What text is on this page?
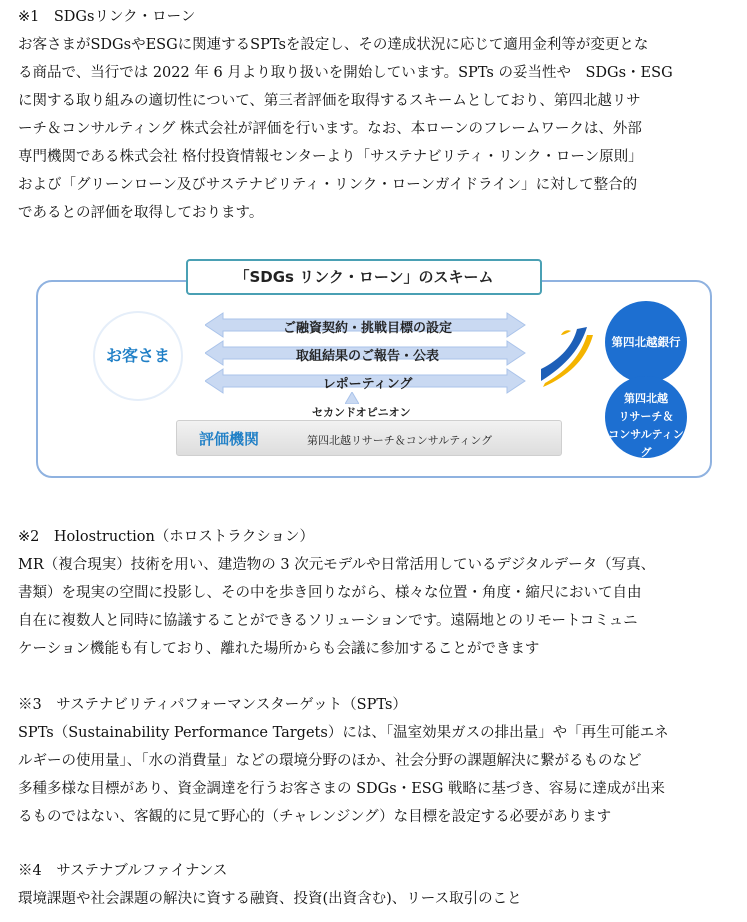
※1　SDGsリンク・ローン
お客さまがSDGsやESGに関連するSPTsを設定し、その達成状況に応じて適用金利等が変更とな
る商品で、当行では 2022 年 6 月より取り扱いを開始しています。SPTs の妥当性や　SDGs・ESG
に関する取り組みの適切性について、第三者評価を取得するスキームとしており、第四北越リサ
ーチ＆コンサルティング 株式会社が評価を行います。なお、本ローンのフレームワークは、外部
専門機関である株式会社 格付投資情報センターより「サステナビリティ・リンク・ローン原則」
および「グリーンローン及びサステナビリティ・リンク・ローンガイドライン」に対して整合的
であるとの評価を取得しております。
「SDGs リンク・ローン」のスキーム
お客さま
ご融資契約・挑戦目標の設定
取組結果のご報告・公表
レポーティング
セカンドオピニオン
評価機関	第四北越リサーチ＆コンサルティング
第四北越銀行
第四北越
リサーチ＆
コンサルティング
※2　Holostruction（ホロストラクション）
MR（複合現実）技術を用い、建造物の 3 次元モデルや日常活用しているデジタルデータ（写真、
書類）を現実の空間に投影し、その中を歩き回りながら、様々な位置・角度・縮尺において自由
自在に複数人と同時に協議することができるソリューションです。遠隔地とのリモートコミュニ
ケーション機能も有しており、離れた場所からも会議に参加することができます
※3　サステナビリティパフォーマンスターゲット（SPTs）
SPTs（Sustainability Performance Targets）には、「温室効果ガスの排出量」や「再生可能エネ
ルギーの使用量」、「水の消費量」などの環境分野のほか、社会分野の課題解決に繋がるものなど
多種多様な目標があり、資金調達を行うお客さまの SDGs・ESG 戦略に基づき、容易に達成が出来
るものではない、客観的に見て野心的（チャレンジング）な目標を設定する必要があります
※4　サステナブルファイナンス
環境課題や社会課題の解決に資する融資、投資(出資含む)、リース取引のこと
